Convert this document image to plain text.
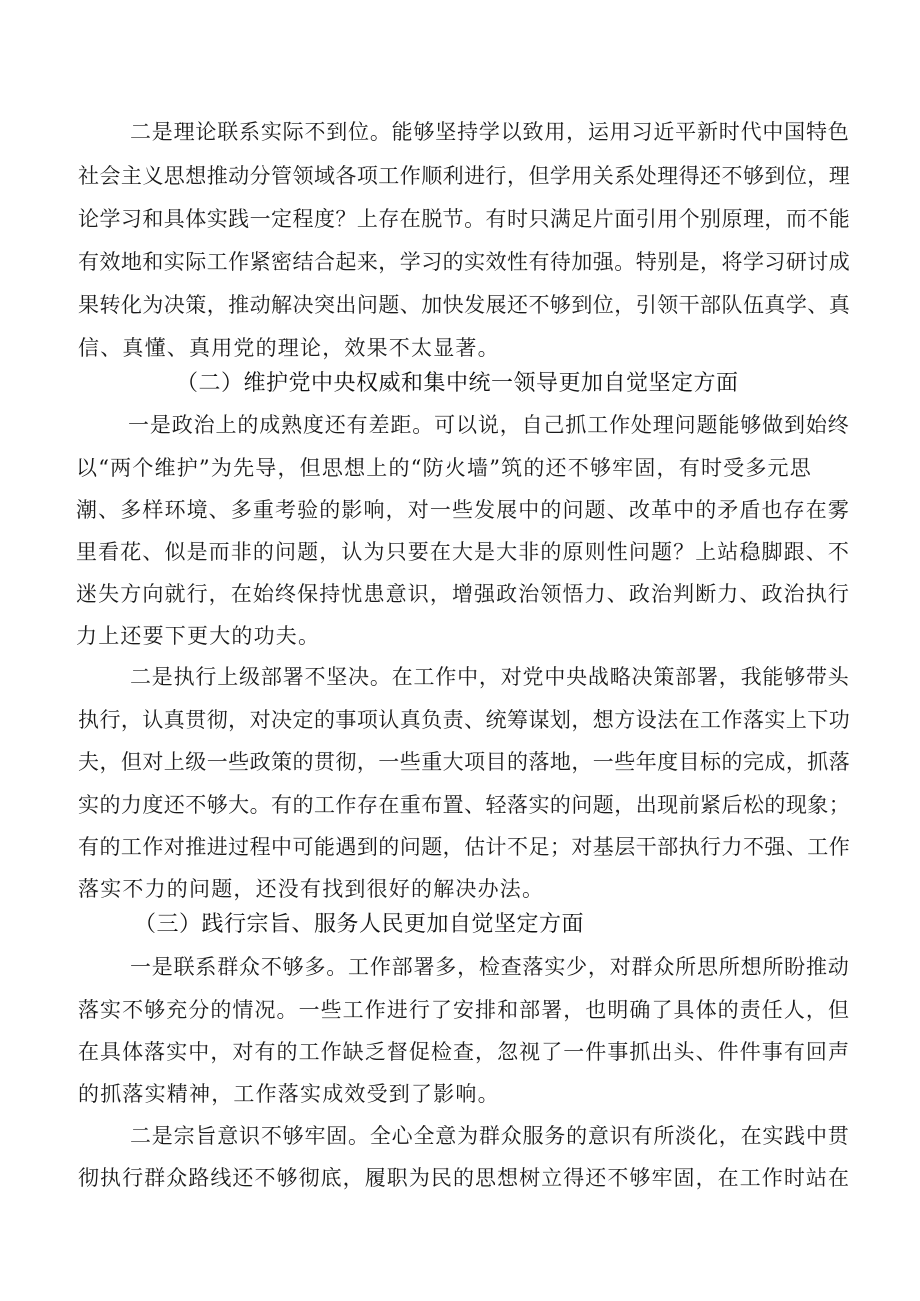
二是理论联系实际不到位。能够坚持学以致用，运用习近平新时代中国特色
社会主义思想推动分管领域各项工作顺利进行，但学用关系处理得还不够到位，理
论学习和具体实践一定程度？上存在脱节。有时只满足片面引用个别原理，而不能
有效地和实际工作紧密结合起来，学习的实效性有待加强。特别是，将学习研讨成
果转化为决策，推动解决突出问题、加快发展还不够到位，引领干部队伍真学、真
信、真懂、真用党的理论，效果不太显著。
（二）维护党中央权威和集中统一领导更加自觉坚定方面
一是政治上的成熟度还有差距。可以说，自己抓工作处理问题能够做到始终
以“两个维护”为先导，但思想上的“防火墙”筑的还不够牢固，有时受多元思
潮、多样环境、多重考验的影响，对一些发展中的问题、改革中的矛盾也存在雾
里看花、似是而非的问题，认为只要在大是大非的原则性问题？上站稳脚跟、不
迷失方向就行，在始终保持忧患意识，增强政治领悟力、政治判断力、政治执行
力上还要下更大的功夫。
二是执行上级部署不坚决。在工作中，对党中央战略决策部署，我能够带头
执行，认真贯彻，对决定的事项认真负责、统筹谋划，想方设法在工作落实上下功
夫，但对上级一些政策的贯彻，一些重大项目的落地，一些年度目标的完成，抓落
实的力度还不够大。有的工作存在重布置、轻落实的问题，出现前紧后松的现象；
有的工作对推进过程中可能遇到的问题，估计不足；对基层干部执行力不强、工作
落实不力的问题，还没有找到很好的解决办法。
（三）践行宗旨、服务人民更加自觉坚定方面
一是联系群众不够多。工作部署多，检查落实少，对群众所思所想所盼推动
落实不够充分的情况。一些工作进行了安排和部署，也明确了具体的责任人，但
在具体落实中，对有的工作缺乏督促检查，忽视了一件事抓出头、件件事有回声
的抓落实精神，工作落实成效受到了影响。
二是宗旨意识不够牢固。全心全意为群众服务的意识有所淡化，在实践中贯
彻执行群众路线还不够彻底，履职为民的思想树立得还不够牢固，在工作时站在
